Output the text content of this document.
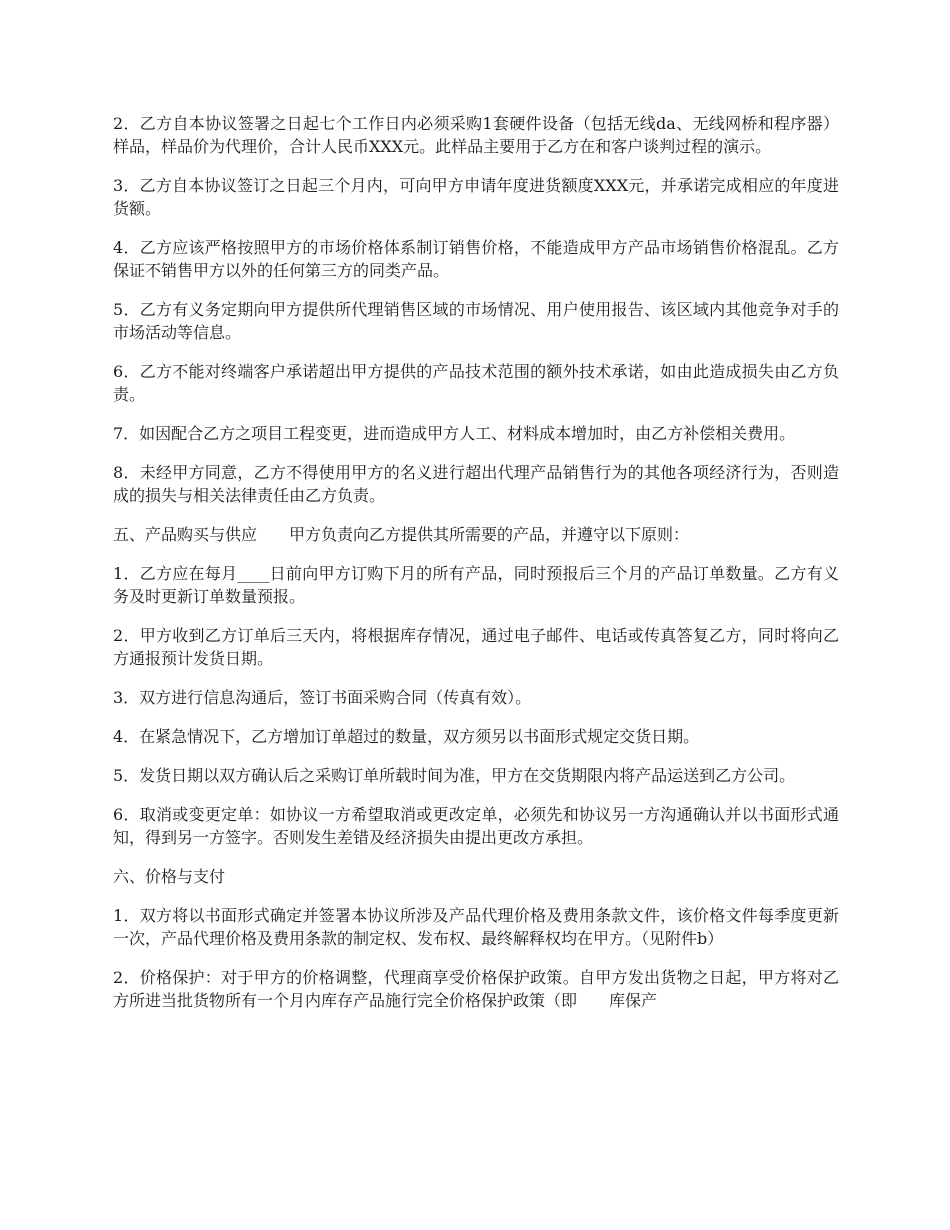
2．乙方自本协议签署之日起七个工作日内必须采购1套硬件设备（包括无线da、无线网桥和程序器）样品，样品价为代理价，合计人民币XXX元。此样品主要用于乙方在和客户谈判过程的演示。

3．乙方自本协议签订之日起三个月内，可向甲方申请年度进货额度XXX元，并承诺完成相应的年度进货额。

4．乙方应该严格按照甲方的市场价格体系制订销售价格，不能造成甲方产品市场销售价格混乱。乙方保证不销售甲方以外的任何第三方的同类产品。

5．乙方有义务定期向甲方提供所代理销售区域的市场情况、用户使用报告、该区域内其他竞争对手的市场活动等信息。

6．乙方不能对终端客户承诺超出甲方提供的产品技术范围的额外技术承诺，如由此造成损失由乙方负责。

7．如因配合乙方之项目工程变更，进而造成甲方人工、材料成本增加时，由乙方补偿相关费用。

8．未经甲方同意，乙方不得使用甲方的名义进行超出代理产品销售行为的其他各项经济行为，否则造成的损失与相关法律责任由乙方负责。

五、产品购买与供应　　甲方负责向乙方提供其所需要的产品，并遵守以下原则：

1．乙方应在每月____日前向甲方订购下月的所有产品，同时预报后三个月的产品订单数量。乙方有义务及时更新订单数量预报。

2．甲方收到乙方订单后三天内，将根据库存情况，通过电子邮件、电话或传真答复乙方，同时将向乙方通报预计发货日期。

3．双方进行信息沟通后，签订书面采购合同（传真有效）。

4．在紧急情况下，乙方增加订单超过的数量，双方须另以书面形式规定交货日期。

5．发货日期以双方确认后之采购订单所载时间为准，甲方在交货期限内将产品运送到乙方公司。

6．取消或变更定单：如协议一方希望取消或更改定单，必须先和协议另一方沟通确认并以书面形式通知，得到另一方签字。否则发生差错及经济损失由提出更改方承担。

六、价格与支付

1．双方将以书面形式确定并签署本协议所涉及产品代理价格及费用条款文件，该价格文件每季度更新一次，产品代理价格及费用条款的制定权、发布权、最终解释权均在甲方。（见附件b）

2．价格保护：对于甲方的价格调整，代理商享受价格保护政策。自甲方发出货物之日起，甲方将对乙方所进当批货物所有一个月内库存产品施行完全价格保护政策（即　　库保产
